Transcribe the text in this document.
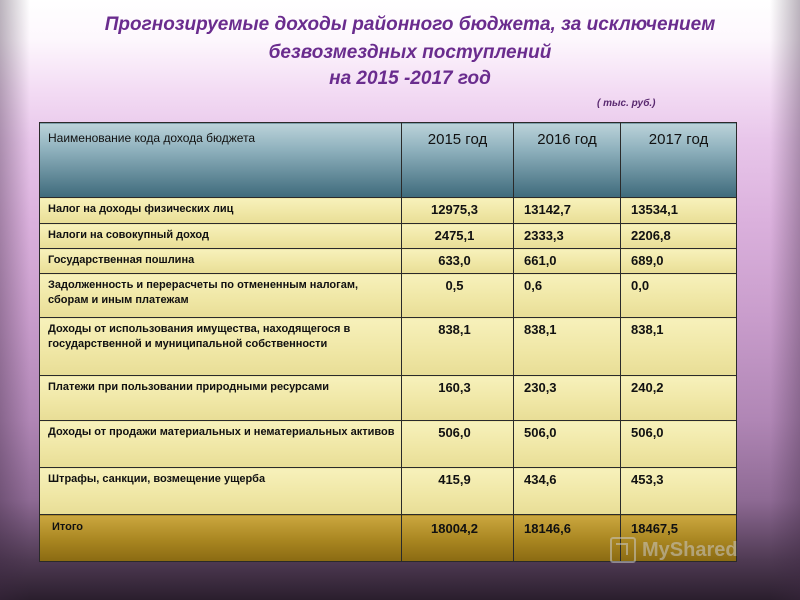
Прогнозируемые доходы районного бюджета, за исключением
безвозмездных поступлений
на 2015 -2017 год
( тыс. руб.)
Наименование кода дохода бюджета	2015 год	2016 год	2017 год
Налог на доходы физических лиц	12975,3	13142,7	13534,1
Налоги на совокупный доход	2475,1	2333,3	2206,8
Государственная пошлина	633,0	661,0	689,0
Задолженность и перерасчеты по отмененным налогам, сборам и иным платежам	0,5	0,6	0,0
Доходы от использования имущества, находящегося в государственной и муниципальной собственности	838,1	838,1	838,1
Платежи при пользовании природными ресурсами	160,3	230,3	240,2
Доходы от продажи материальных и нематериальных активов	506,0	506,0	506,0
Штрафы, санкции, возмещение ущерба	415,9	434,6	453,3
Итого	18004,2	18146,6	18467,5
MyShared
